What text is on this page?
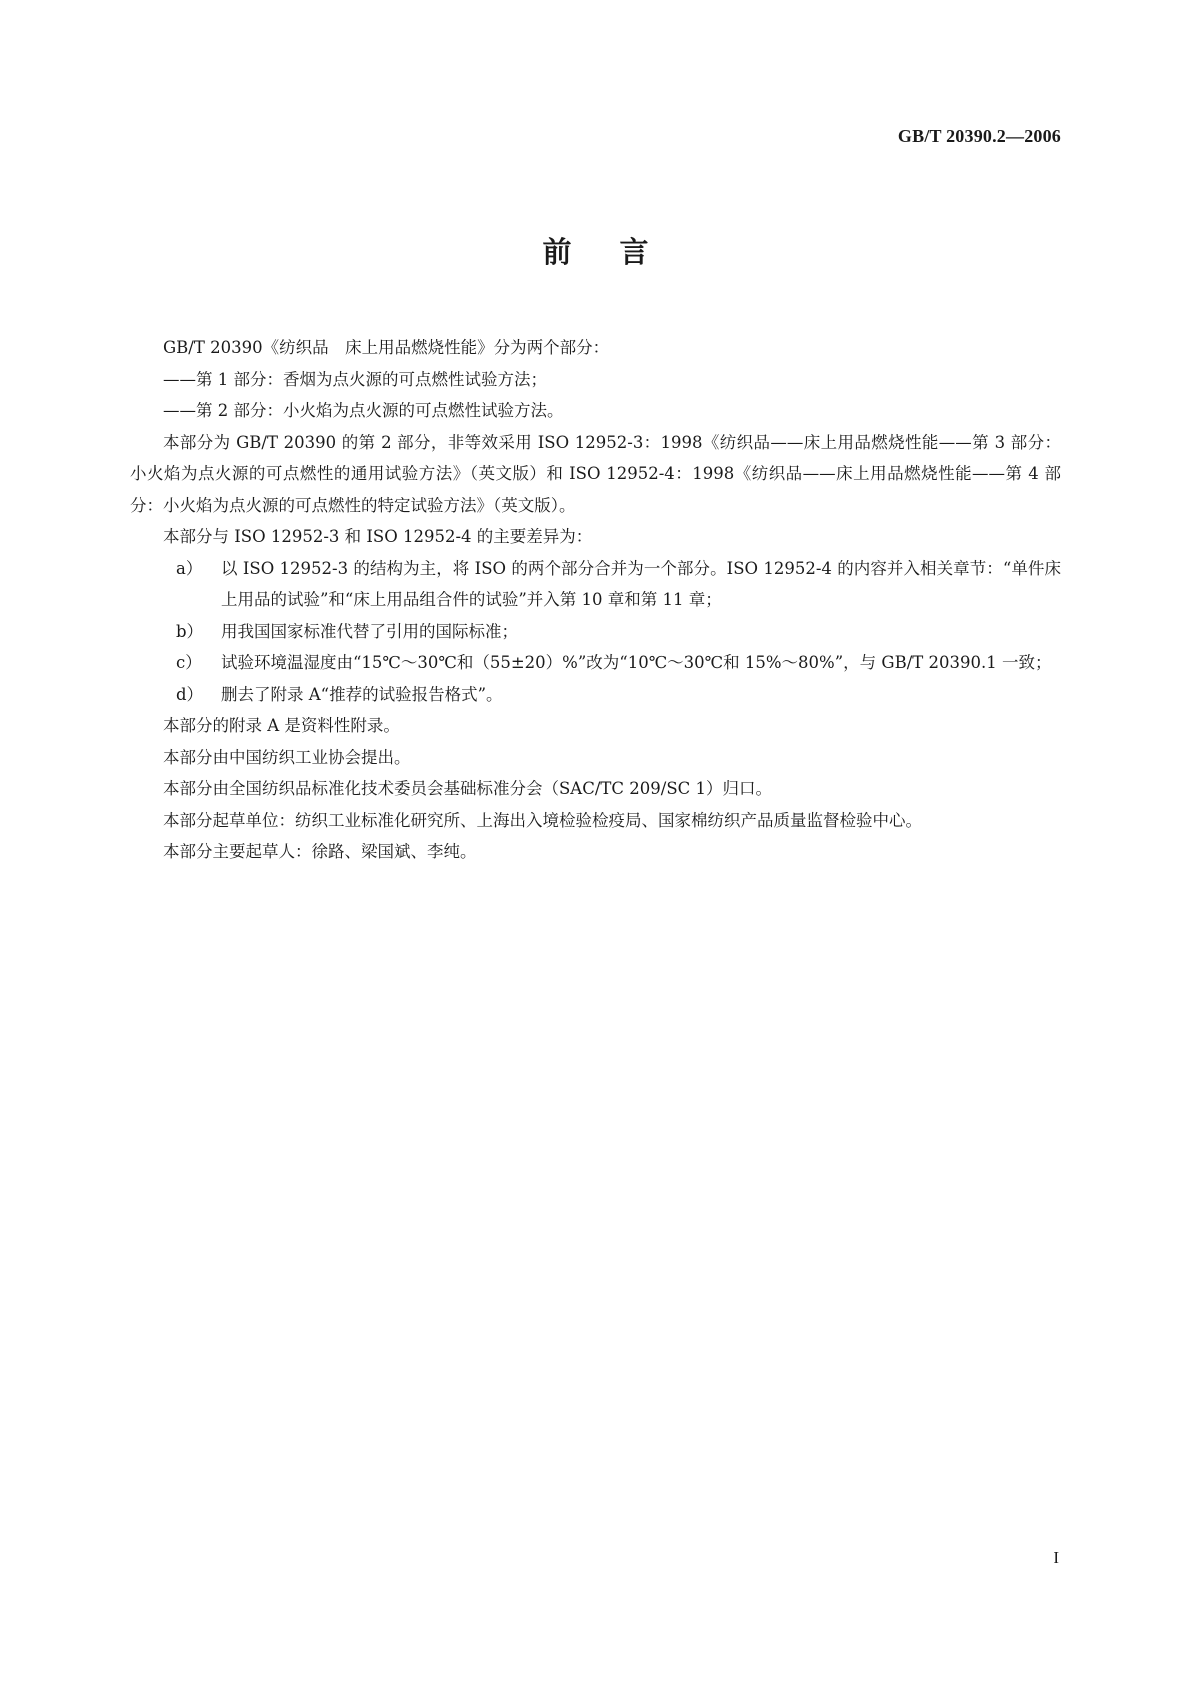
GB/T 20390.2—2006
前言

GB/T 20390《纺织品　床上用品燃烧性能》分为两个部分：

——第 1 部分：香烟为点火源的可点燃性试验方法；

——第 2 部分：小火焰为点火源的可点燃性试验方法。

本部分为 GB/T 20390 的第 2 部分，非等效采用 ISO 12952-3：1998《纺织品——床上用品燃烧性能——第 3 部分：小火焰为点火源的可点燃性的通用试验方法》（英文版）和 ISO 12952-4：1998《纺织品——床上用品燃烧性能——第 4 部分：小火焰为点火源的可点燃性的特定试验方法》（英文版）。

本部分与 ISO 12952-3 和 ISO 12952-4 的主要差异为：

a） 以 ISO 12952-3 的结构为主，将 ISO 的两个部分合并为一个部分。ISO 12952-4 的内容并入相关章节：“单件床上用品的试验”和“床上用品组合件的试验”并入第 10 章和第 11 章；
b） 用我国国家标准代替了引用的国际标准；
c） 试验环境温湿度由“15℃～30℃和（55±20）%”改为“10℃～30℃和 15%～80%”，与 GB/T 20390.1 一致；
d） 删去了附录 A“推荐的试验报告格式”。

本部分的附录 A 是资料性附录。

本部分由中国纺织工业协会提出。

本部分由全国纺织品标准化技术委员会基础标准分会（SAC/TC 209/SC 1）归口。

本部分起草单位：纺织工业标准化研究所、上海出入境检验检疫局、国家棉纺织产品质量监督检验中心。

本部分主要起草人：徐路、梁国斌、李纯。

I
